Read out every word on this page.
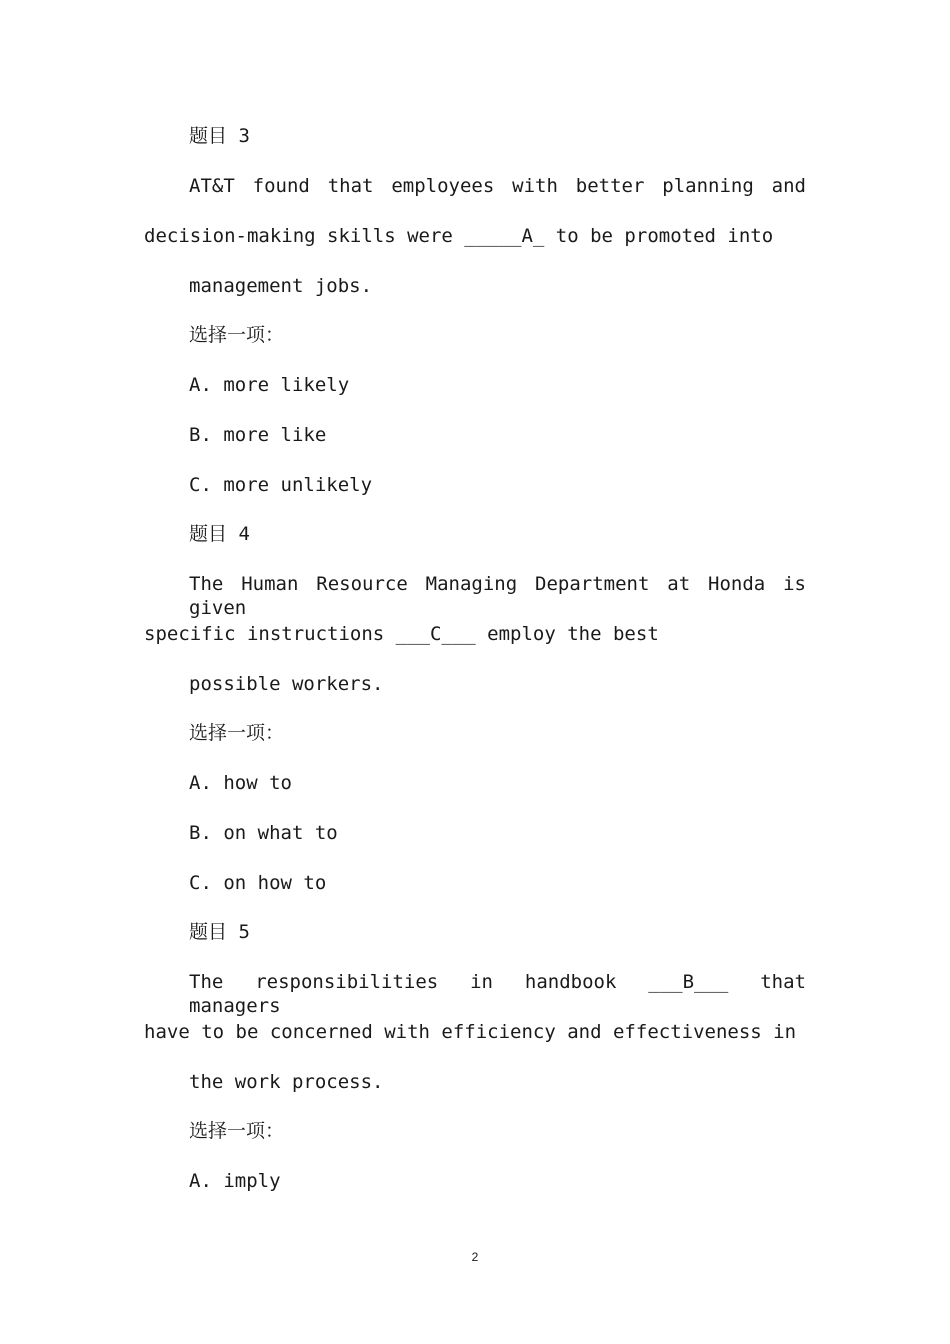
题目 3
AT&T found that employees with better planning and
decision-making skills were _____A_ to be promoted into
management jobs.
选择一项：
A. more likely
B. more like
C. more unlikely
题目 4
The Human Resource Managing Department at Honda is given
specific instructions ___C___ employ the best
possible workers.
选择一项：
A. how to
B. on what to
C. on how to
题目 5
The responsibilities in handbook ___B___ that managers
have to be concerned with efficiency and effectiveness in
the work process.
选择一项：
A. imply
2
